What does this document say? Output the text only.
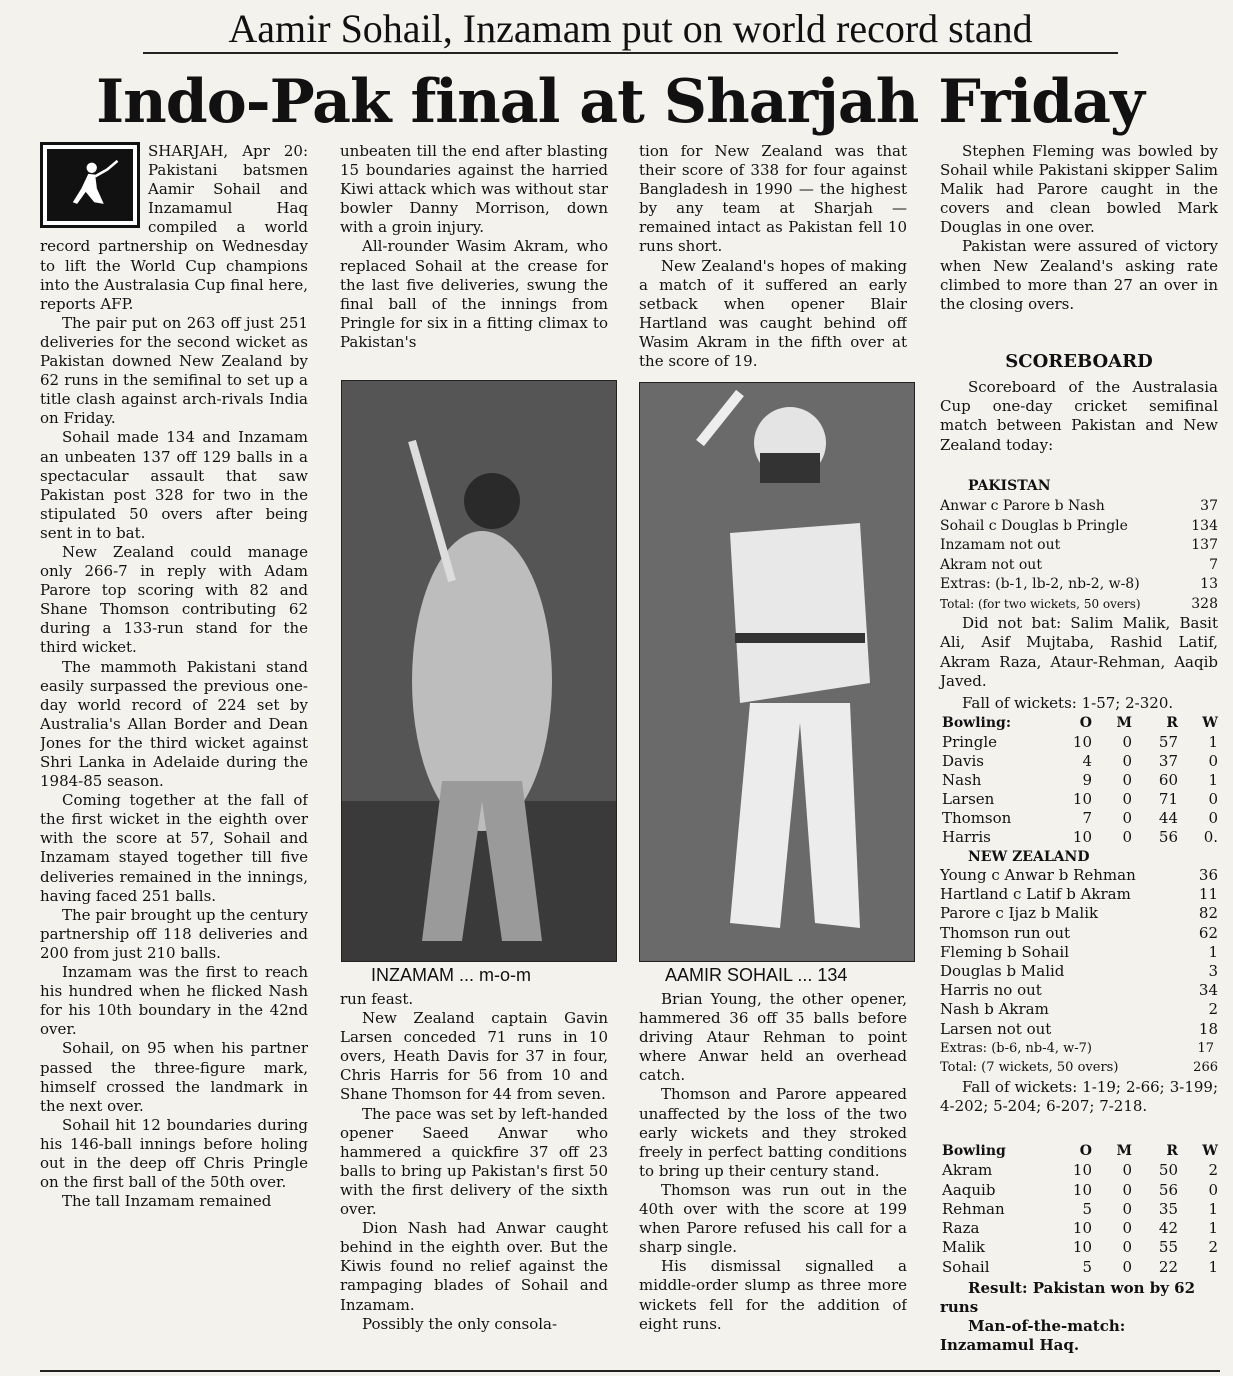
Aamir Sohail, Inzamam put on world record stand
Indo-Pak final at Sharjah Friday

SHARJAH, Apr 20: Pakistani batsmen Aamir Sohail and Inzamamul Haq compiled a world record partnership on Wednesday to lift the World Cup champions into the Australasia Cup final here, reports AFP.

The pair put on 263 off just 251 deliveries for the second wicket as Pakistan downed New Zealand by 62 runs in the semifinal to set up a title clash against arch-rivals India on Friday.

Sohail made 134 and Inzamam an unbeaten 137 off 129 balls in a spectacular assault that saw Pakistan post 328 for two in the stipulated 50 overs after being sent in to bat.

New Zealand could manage only 266-7 in reply with Adam Parore top scoring with 82 and Shane Thomson contributing 62 during a 133-run stand for the third wicket.

The mammoth Pakistani stand easily surpassed the previous one-day world record of 224 set by Australia's Allan Border and Dean Jones for the third wicket against Shri Lanka in Adelaide during the 1984-85 season.

Coming together at the fall of the first wicket in the eighth over with the score at 57, Sohail and Inzamam stayed together till five deliveries remained in the innings, having faced 251 balls.

The pair brought up the century partnership off 118 deliveries and 200 from just 210 balls.

Inzamam was the first to reach his hundred when he flicked Nash for his 10th boundary in the 42nd over.

Sohail, on 95 when his partner passed the three-figure mark, himself crossed the landmark in the next over.

Sohail hit 12 boundaries during his 146-ball innings before holing out in the deep off Chris Pringle on the first ball of the 50th over.

The tall Inzamam remained

unbeaten till the end after blasting 15 boundaries against the harried Kiwi attack which was without star bowler Danny Morrison, down with a groin injury.

All-rounder Wasim Akram, who replaced Sohail at the crease for the last five deliveries, swung the final ball of the innings from Pringle for six in a fitting climax to Pakistan's

INZAMAM ... m-o-m

run feast.

New Zealand captain Gavin Larsen conceded 71 runs in 10 overs, Heath Davis for 37 in four, Chris Harris for 56 from 10 and Shane Thomson for 44 from seven.

The pace was set by left-handed opener Saeed Anwar who hammered a quickfire 37 off 23 balls to bring up Pakistan's first 50 with the first delivery of the sixth over.

Dion Nash had Anwar caught behind in the eighth over. But the Kiwis found no relief against the rampaging blades of Sohail and Inzamam.

Possibly the only consola-

tion for New Zealand was that their score of 338 for four against Bangladesh in 1990 — the highest by any team at Sharjah — remained intact as Pakistan fell 10 runs short.

New Zealand's hopes of making a match of it suffered an early setback when opener Blair Hartland was caught behind off Wasim Akram in the fifth over at the score of 19.

AAMIR SOHAIL ... 134

Brian Young, the other opener, hammered 36 off 35 balls before driving Ataur Rehman to point where Anwar held an overhead catch.

Thomson and Parore appeared unaffected by the loss of the two early wickets and they stroked freely in perfect batting conditions to bring up their century stand.

Thomson was run out in the 40th over with the score at 199 when Parore refused his call for a sharp single.

His dismissal signalled a middle-order slump as three more wickets fell for the addition of eight runs.

Stephen Fleming was bowled by Sohail while Pakistani skipper Salim Malik had Parore caught in the covers and clean bowled Mark Douglas in one over.

Pakistan were assured of victory when New Zealand's asking rate climbed to more than 27 an over in the closing overs.

SCOREBOARD

Scoreboard of the Australasia Cup one-day cricket semifinal match between Pakistan and New Zealand today:

PAKISTAN
Anwar c Parore b Nash	37
Sohail c Douglas b Pringle	134
Inzamam not out	137
Akram not out	7
Extras: (b-1, lb-2, nb-2, w-8)	13
Total: (for two wickets, 50 overs)	328

Did not bat: Salim Malik, Basit Ali, Asif Mujtaba, Rashid Latif, Akram Raza, Ataur-Rehman, Aaqib Javed.

Fall of wickets: 1-57; 2-320.

Bowling:	O	M	R	W
Pringle	10	0	57	1
Davis	4	0	37	0
Nash	9	0	60	1
Larsen	10	0	71	0
Thomson	7	0	44	0
Harris	10	0	56	0.
NEW ZEALAND
Young c Anwar b Rehman	36
Hartland c Latif b Akram	11
Parore c Ijaz b Malik	82
Thomson run out	62
Fleming b Sohail	1
Douglas b Malid	3
Harris no out	34
Nash b Akram	2
Larsen not out	18
Extras: (b-6, nb-4, w-7)	17
Total: (7 wickets, 50 overs)	266

Fall of wickets: 1-19; 2-66; 3-199; 4-202; 5-204; 6-207; 7-218.

Bowling	O	M	R	W
Akram	10	0	50	2
Aaquib	10	0	56	0
Rehman	5	0	35	1
Raza	10	0	42	1
Malik	10	0	55	2
Sohail	5	0	22	1

Result: Pakistan won by 62 runs

Man-of-the-match: Inzamamul Haq.
